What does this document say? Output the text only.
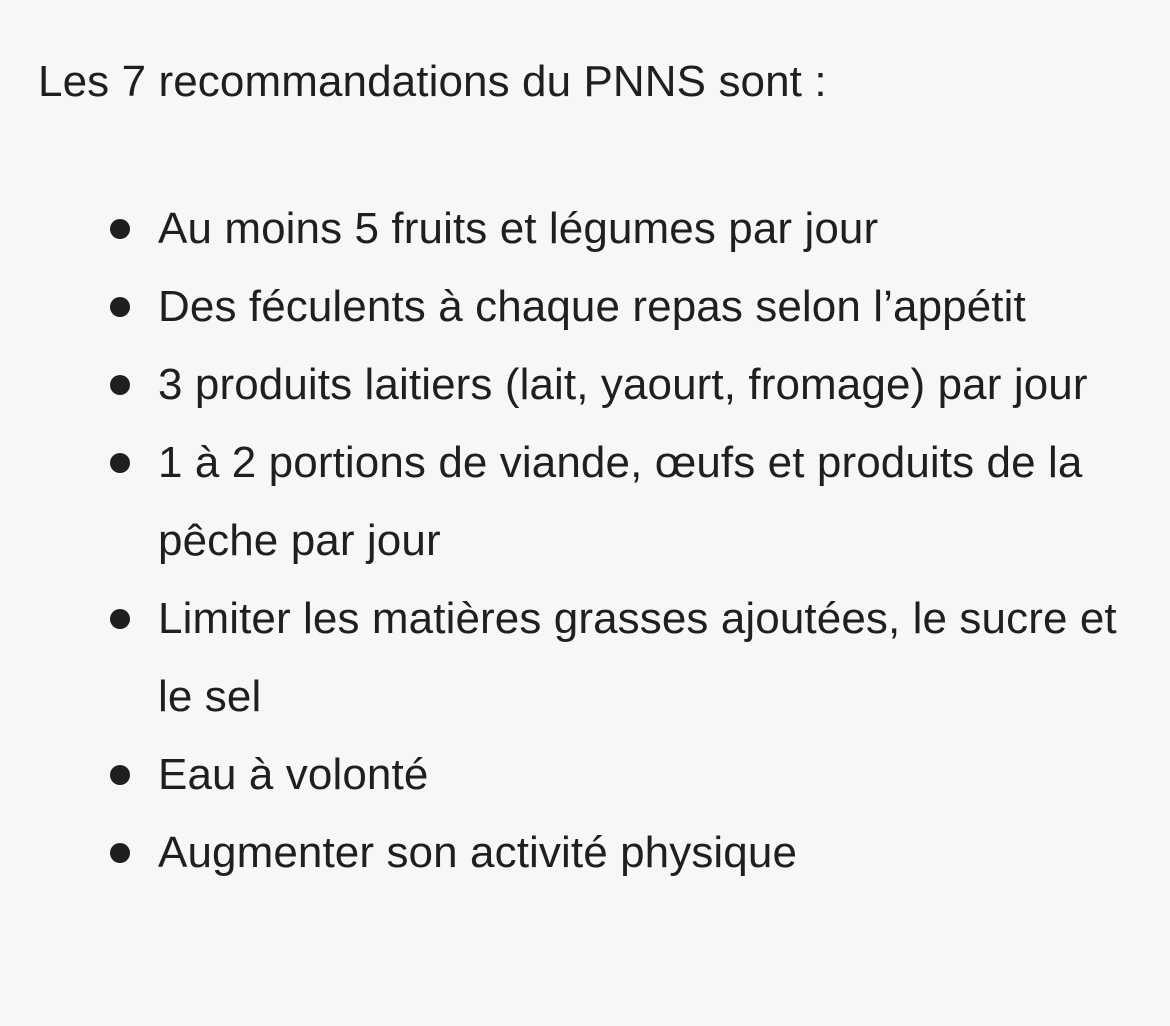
Les 7 recommandations du PNNS sont :

Au moins 5 fruits et légumes par jour
Des féculents à chaque repas selon l’appétit
3 produits laitiers (lait, yaourt, fromage) par jour
1 à 2 portions de viande, œufs et produits de la pêche par jour
Limiter les matières grasses ajoutées, le sucre et le sel
Eau à volonté
Augmenter son activité physique
